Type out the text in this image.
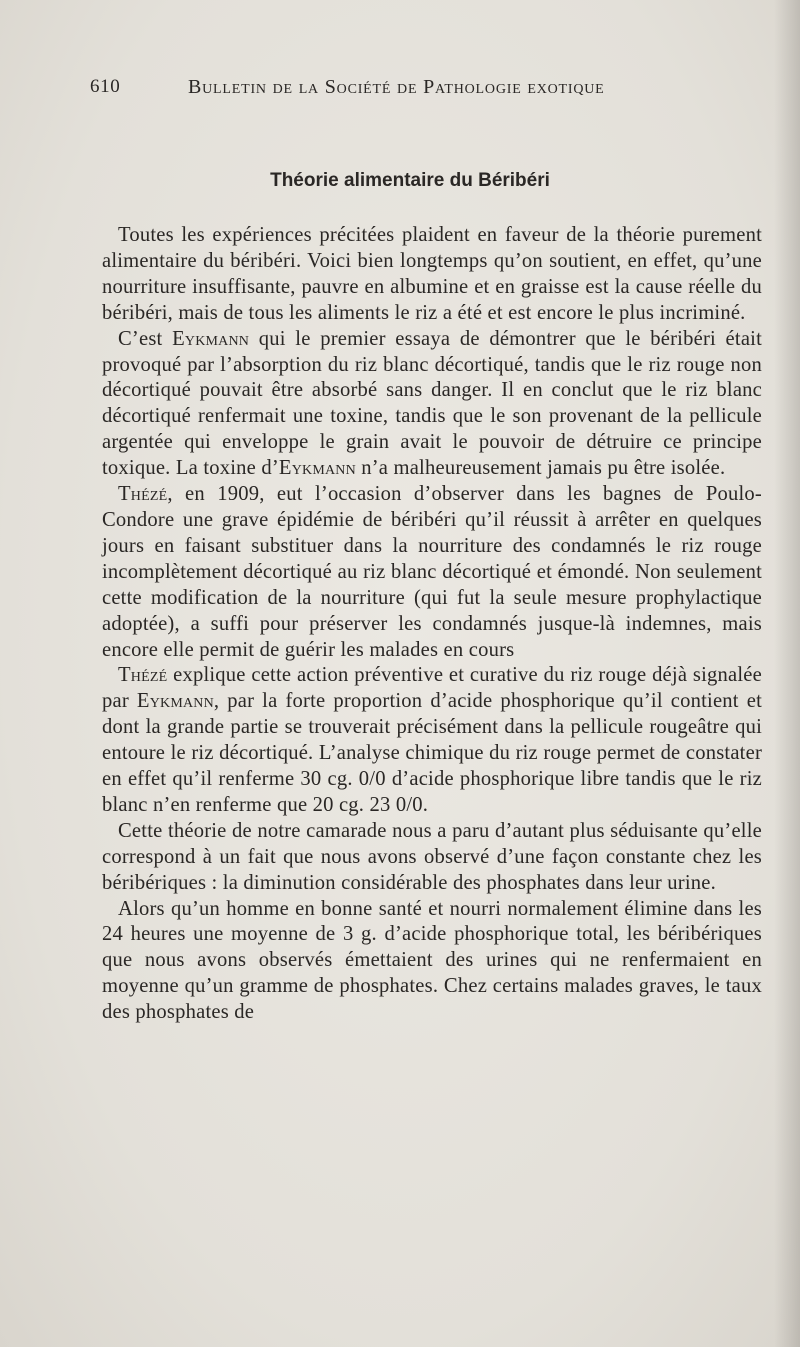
610	Bulletin de la Société de Pathologie exotique
Théorie alimentaire du Béribéri

Toutes les expériences précitées plaident en faveur de la théorie purement alimentaire du béribéri. Voici bien longtemps qu’on soutient, en effet, qu’une nourriture insuffisante, pauvre en albumine et en graisse est la cause réelle du béribéri, mais de tous les aliments le riz a été et est encore le plus incriminé.

C’est Eykmann qui le premier essaya de démontrer que le béribéri était provoqué par l’absorption du riz blanc décortiqué, tandis que le riz rouge non décortiqué pouvait être absorbé sans danger. Il en conclut que le riz blanc décortiqué renfermait une toxine, tandis que le son provenant de la pellicule argentée qui enveloppe le grain avait le pouvoir de détruire ce principe toxique. La toxine d’Eykmann n’a malheureusement jamais pu être isolée.

Thézé, en 1909, eut l’occasion d’observer dans les bagnes de Poulo-Condore une grave épidémie de béribéri qu’il réussit à arrêter en quelques jours en faisant substituer dans la nourriture des condamnés le riz rouge incomplètement décortiqué au riz blanc décortiqué et émondé. Non seulement cette modification de la nourriture (qui fut la seule mesure prophylactique adoptée), a suffi pour préserver les condamnés jusque-là indemnes, mais encore elle permit de guérir les malades en cours

Thézé explique cette action préventive et curative du riz rouge déjà signalée par Eykmann, par la forte proportion d’acide phosphorique qu’il contient et dont la grande partie se trouverait précisément dans la pellicule rougeâtre qui entoure le riz décortiqué. L’analyse chimique du riz rouge permet de constater en effet qu’il renferme 30 cg. 0/0 d’acide phosphorique libre tandis que le riz blanc n’en renferme que 20 cg. 23 0/0.

Cette théorie de notre camarade nous a paru d’autant plus séduisante qu’elle correspond à un fait que nous avons observé d’une façon constante chez les béribériques : la diminution considérable des phosphates dans leur urine.

Alors qu’un homme en bonne santé et nourri normalement élimine dans les 24 heures une moyenne de 3 g. d’acide phosphorique total, les béribériques que nous avons observés émettaient des urines qui ne renfermaient en moyenne qu’un gramme de phosphates. Chez certains malades graves, le taux des phosphates de
